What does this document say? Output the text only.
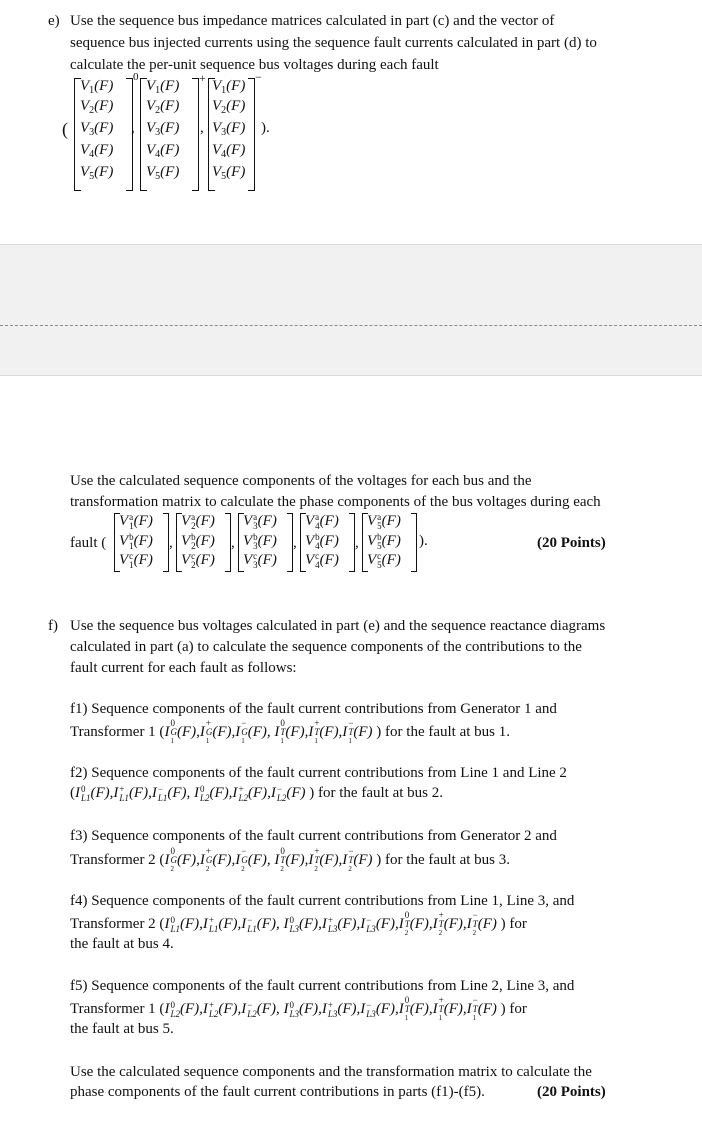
e) Use the sequence bus impedance matrices calculated in part (c) and the vector of
sequence bus injected currents using the sequence fault currents calculated in part (d) to
calculate the per-unit sequence bus voltages during each fault
(
$V_1(F)$
$V_2(F)$
$V_3(F)$
$V_4(F)$
$V_5(F)$
0
,
$V_1(F)$
$V_2(F)$
$V_3(F)$
$V_4(F)$
$V_5(F)$
+
,
$V_1(F)$
$V_2(F)$
$V_3(F)$
$V_4(F)$
$V_5(F)$
−
).
Use the calculated sequence components of the voltages for each bus and the
transformation matrix to calculate the phase components of the bus voltages during each
fault (
V a
1 (F)
V b
1 (F)
V c
1 (F)
,
V a
2 (F)
V b
2 (F)
V c
2 (F)
,
V a
3 (F)
V b
3 (F)
V c
3 (F)
,
V a
4 (F)
V b
4 (F)
V c
4 (F)
,
V a
5 (F)
V b
5 (F)
V c
5 (F)
).	(20 Points)
f) Use the sequence bus voltages calculated in part (e) and the sequence reactance diagrams
calculated in part (a) to calculate the sequence components of the contributions to the
fault current for each fault as follows:
f1) Sequence components of the fault current contributions from Generator 1 and
Transformer 1 (I
0
G
1
(F),I
+
G
1
(F),I
−
G
1
(F), I
0
T
1
(F),I
+
T
1
(F),I
−
T
1
(F) ) for the fault at bus 1.
f2) Sequence components of the fault current contributions from Line 1 and Line 2
(I 0
L1 (F),I +
L1 (F),I −
L1 (F), I 0
L2 (F),I +
L2 (F),I −
L2 (F) ) for the fault at bus 2.
f3) Sequence components of the fault current contributions from Generator 2 and
Transformer 2 (I
0
G
2
(F),I
+
G
2
(F),I
−
G
2
(F), I
0
T
2
(F),I
+
T
2
(F),I
−
T
2
(F) ) for the fault at bus 3.
f4) Sequence components of the fault current contributions from Line 1, Line 3, and
Transformer 2 (I 0
L1 (F),I +
L1 (F),I −
L1 (F), I 0
L3 (F),I +
L3 (F),I −
L3 (F),I
0
T
2
(F),I
+
T
2
(F),I
−
T
2
(F) ) for
the fault at bus 4.
f5) Sequence components of the fault current contributions from Line 2, Line 3, and
Transformer 1 (I 0
L2 (F),I +
L2 (F),I −
L2 (F), I 0
L3 (F),I +
L3 (F),I −
L3 (F),I
0
T
1
(F),I
+
T
1
(F),I
−
T
1
(F) ) for
the fault at bus 5.
Use the calculated sequence components and the transformation matrix to calculate the
phase components of the fault current contributions in parts (f1)-(f5).	(20 Points)
